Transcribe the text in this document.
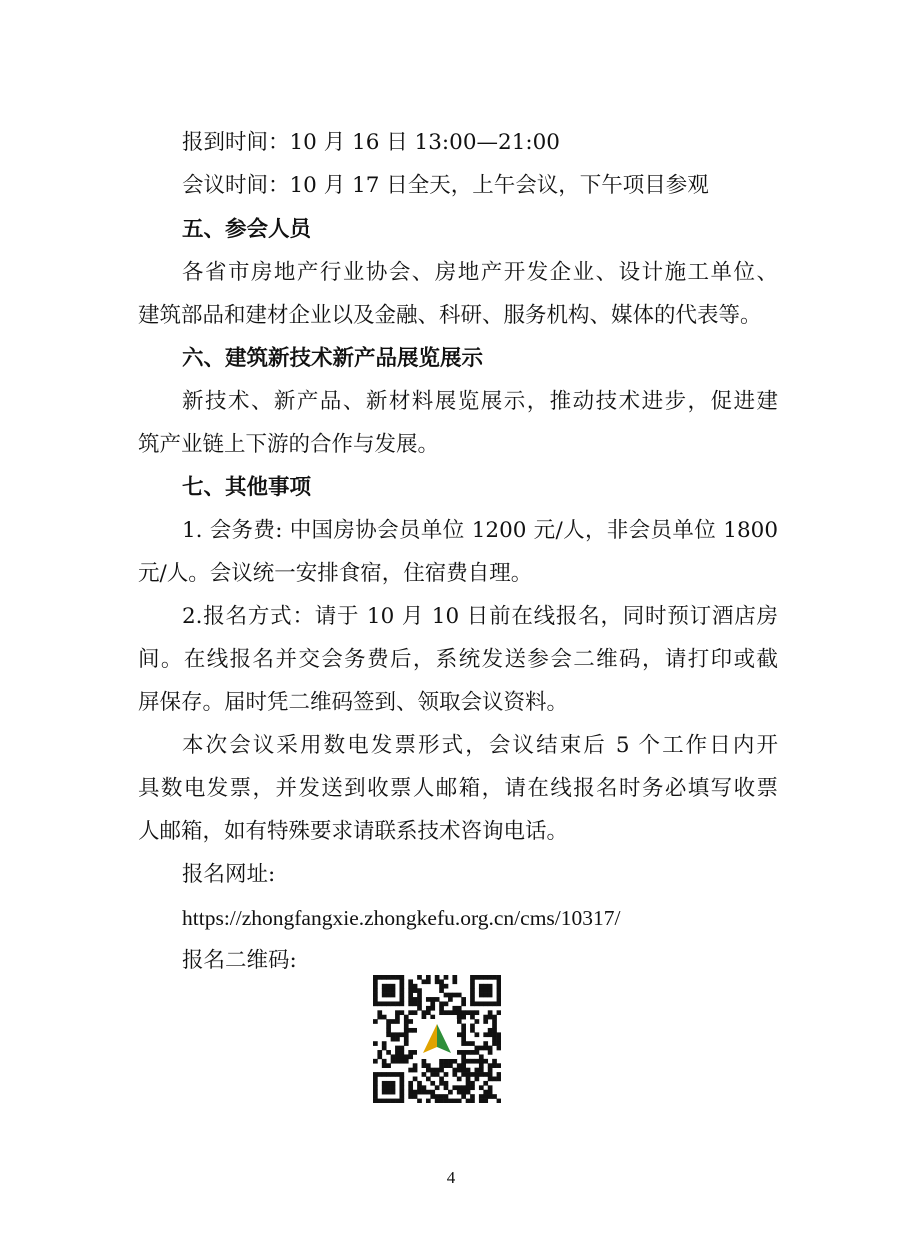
报到时间：10 月 16 日 13:00—21:00
会议时间：10 月 17 日全天，上午会议，下午项目参观
五、参会人员
各省市房地产行业协会、房地产开发企业、设计施工单位、
建筑部品和建材企业以及金融、科研、服务机构、媒体的代表等。
六、建筑新技术新产品展览展示
新技术、新产品、新材料展览展示，推动技术进步，促进建
筑产业链上下游的合作与发展。
七、其他事项
1. 会务费: 中国房协会员单位 1200 元/人，非会员单位 1800
元/人。会议统一安排食宿，住宿费自理。
2.报名方式：请于 10 月 10 日前在线报名，同时预订酒店房
间。在线报名并交会务费后，系统发送参会二维码，请打印或截
屏保存。届时凭二维码签到、领取会议资料。
本次会议采用数电发票形式，会议结束后 5 个工作日内开
具数电发票，并发送到收票人邮箱，请在线报名时务必填写收票
人邮箱，如有特殊要求请联系技术咨询电话。
报名网址:
https://zhongfangxie.zhongkefu.org.cn/cms/10317/
报名二维码:
4
